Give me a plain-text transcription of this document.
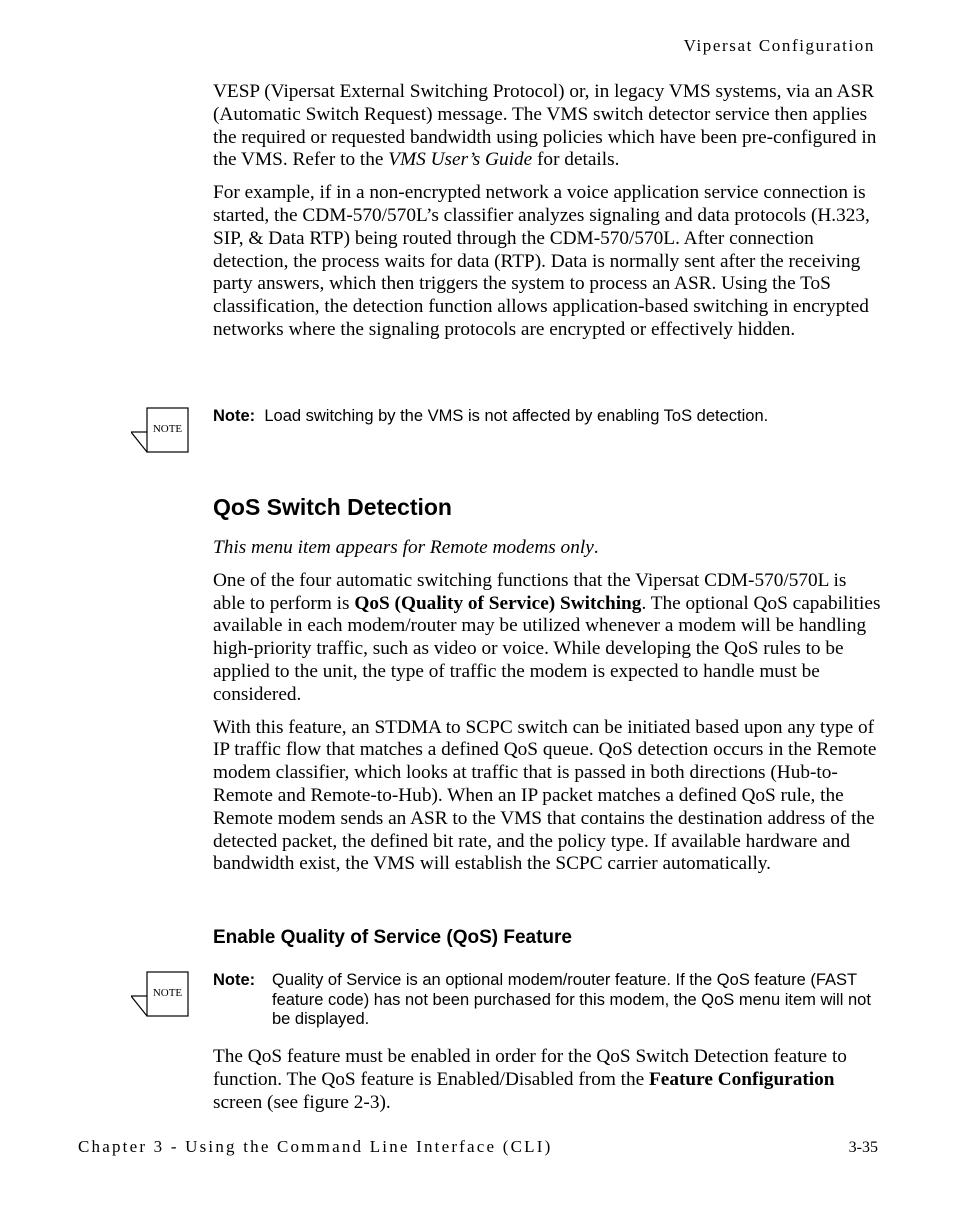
Vipersat Configuration

VESP (Vipersat External Switching Protocol) or, in legacy VMS systems, via an ASR (Automatic Switch Request) message. The VMS switch detector service then applies the required or requested bandwidth using policies which have been pre-configured in the VMS. Refer to the VMS User’s Guide for details.

For example, if in a non-encrypted network a voice application service connection is started, the CDM-570/570L’s classifier analyzes signaling and data protocols (H.323, SIP, & Data RTP) being routed through the CDM-570/570L. After connection detection, the process waits for data (RTP). Data is normally sent after the receiving party answers, which then triggers the system to process an ASR. Using the ToS classification, the detection function allows application-based switching in encrypted networks where the signaling protocols are encrypted or effectively hidden.

NOTE
Note: Load switching by the VMS is not affected by enabling ToS detection.
QoS Switch Detection

This menu item appears for Remote modems only.

One of the four automatic switching functions that the Vipersat CDM-570/570L is able to perform is QoS (Quality of Service) Switching. The optional QoS capabilities available in each modem/router may be utilized whenever a modem will be handling high-priority traffic, such as video or voice. While developing the QoS rules to be applied to the unit, the type of traffic the modem is expected to handle must be considered.

With this feature, an STDMA to SCPC switch can be initiated based upon any type of IP traffic flow that matches a defined QoS queue. QoS detection occurs in the Remote modem classifier, which looks at traffic that is passed in both directions (Hub-to-Remote and Remote-to-Hub). When an IP packet matches a defined QoS rule, the Remote modem sends an ASR to the VMS that contains the destination address of the detected packet, the defined bit rate, and the policy type. If available hardware and bandwidth exist, the VMS will establish the SCPC carrier automatically.

Enable Quality of Service (QoS) Feature
NOTE
Note:	Quality of Service is an optional modem/router feature. If the QoS feature (FAST feature code) has not been purchased for this modem, the QoS menu item will not be displayed.

The QoS feature must be enabled in order for the QoS Switch Detection feature to function. The QoS feature is Enabled/Disabled from the Feature Configuration screen (see figure 2-3).

Chapter 3 - Using the Command Line Interface (CLI)	3-35
